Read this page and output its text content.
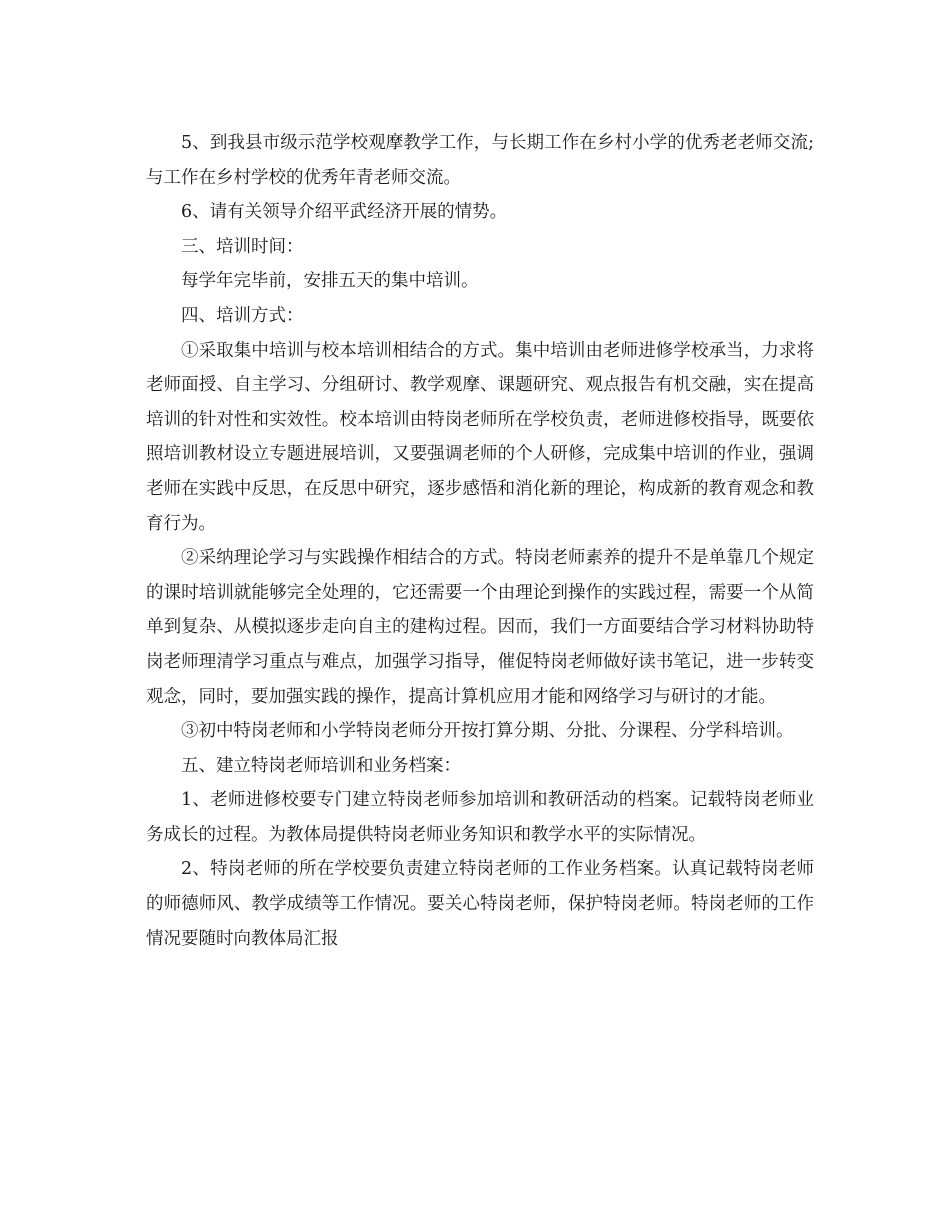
5、到我县市级示范学校观摩教学工作，与长期工作在乡村小学的优秀老老师交流;与工作在乡村学校的优秀年青老师交流。

6、请有关领导介绍平武经济开展的情势。

三、培训时间：

每学年完毕前，安排五天的集中培训。

四、培训方式：

①采取集中培训与校本培训相结合的方式。集中培训由老师进修学校承当，力求将老师面授、自主学习、分组研讨、教学观摩、课题研究、观点报告有机交融，实在提高培训的针对性和实效性。校本培训由特岗老师所在学校负责，老师进修校指导，既要依照培训教材设立专题进展培训，又要强调老师的个人研修，完成集中培训的作业，强调老师在实践中反思，在反思中研究，逐步感悟和消化新的理论，构成新的教育观念和教育行为。

②采纳理论学习与实践操作相结合的方式。特岗老师素养的提升不是单靠几个规定的课时培训就能够完全处理的，它还需要一个由理论到操作的实践过程，需要一个从简单到复杂、从模拟逐步走向自主的建构过程。因而，我们一方面要结合学习材料协助特岗老师理清学习重点与难点，加强学习指导，催促特岗老师做好读书笔记，进一步转变观念，同时，要加强实践的操作，提高计算机应用才能和网络学习与研讨的才能。

③初中特岗老师和小学特岗老师分开按打算分期、分批、分课程、分学科培训。

五、建立特岗老师培训和业务档案：

1、老师进修校要专门建立特岗老师参加培训和教研活动的档案。记载特岗老师业务成长的过程。为教体局提供特岗老师业务知识和教学水平的实际情况。

2、特岗老师的所在学校要负责建立特岗老师的工作业务档案。认真记载特岗老师的师德师风、教学成绩等工作情况。要关心特岗老师，保护特岗老师。特岗老师的工作情况要随时向教体局汇报
